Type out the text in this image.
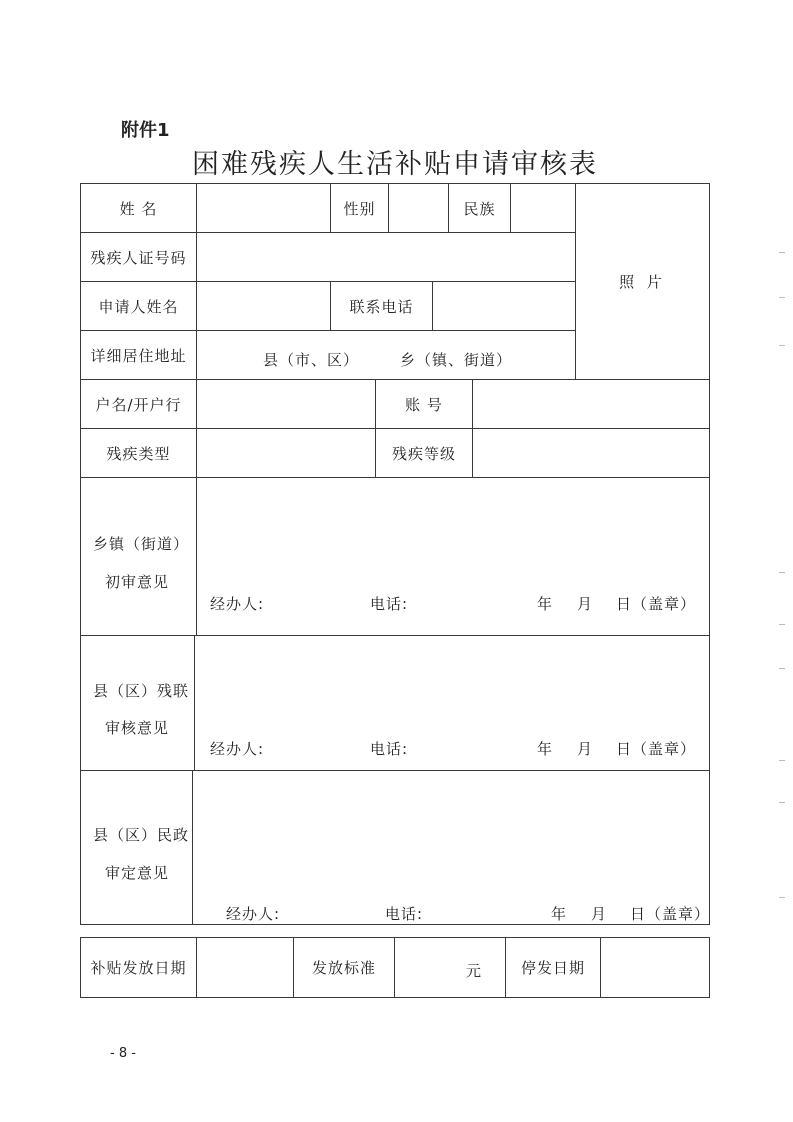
附件1
困难残疾人生活补贴申请审核表
姓 名	性别	民族
照 片
残疾人证号码
申请人姓名	联系电话
详细居住地址	县（市、区）	乡（镇、街道）
户名/开户行	账 号
残疾类型	残疾等级
乡镇（街道）
初审意见
经办人:	电话:	年 月 日（盖章）
县（区）残联
审核意见
经办人:	电话:	年 月 日（盖章）
县（区）民政
审定意见
经办人:	电话:	年 月 日（盖章）
补贴发放日期	发放标准	元	停发日期
- 8 -
